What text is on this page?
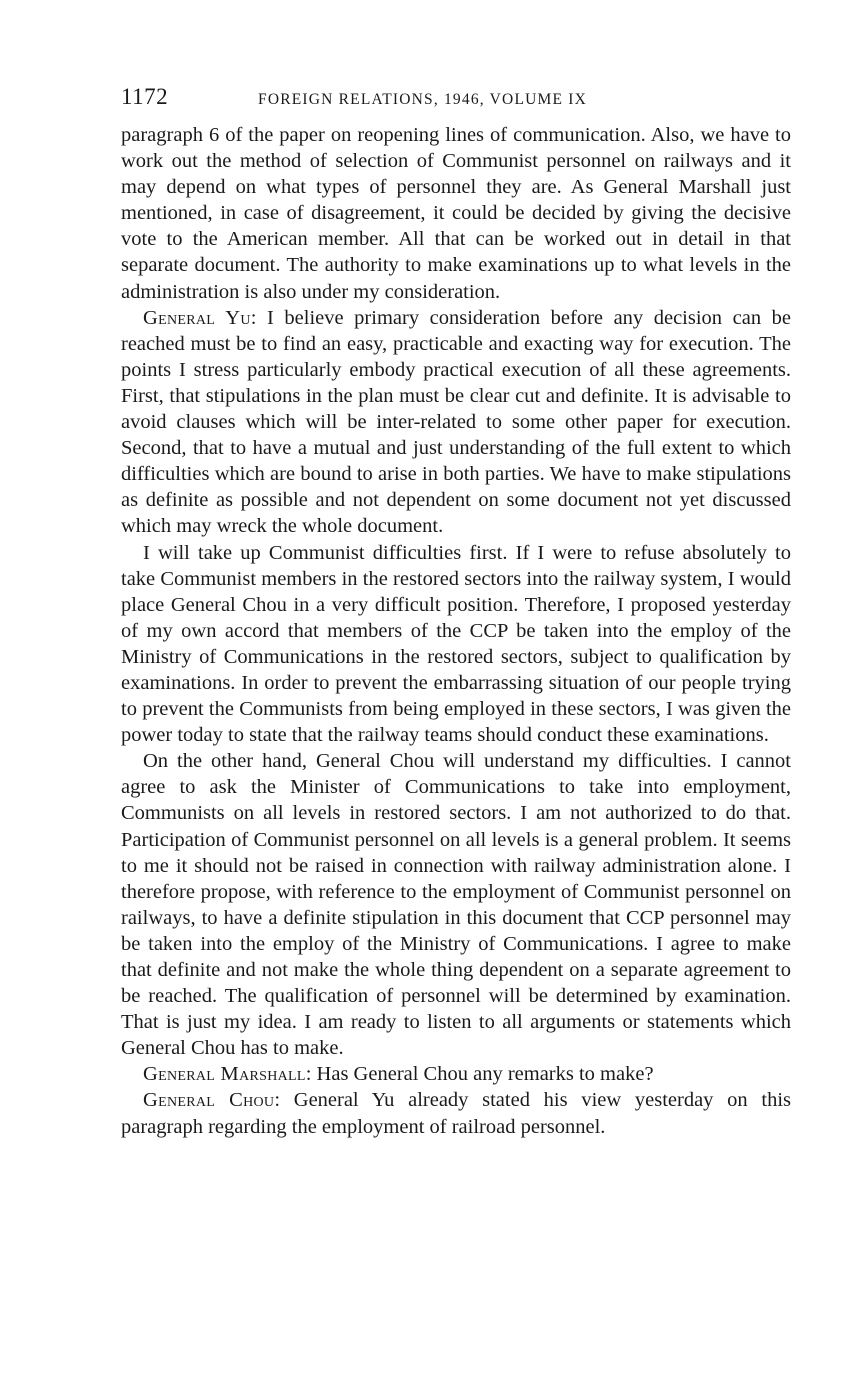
1172	FOREIGN RELATIONS, 1946, VOLUME IX

paragraph 6 of the paper on reopening lines of communication. Also, we have to work out the method of selection of Communist personnel on railways and it may depend on what types of personnel they are. As General Marshall just mentioned, in case of disagreement, it could be decided by giving the decisive vote to the American member. All that can be worked out in detail in that separate document. The authority to make examinations up to what levels in the administration is also under my consideration.

General Yu: I believe primary consideration before any decision can be reached must be to find an easy, practicable and exacting way for execution. The points I stress particularly embody practical execution of all these agreements. First, that stipulations in the plan must be clear cut and definite. It is advisable to avoid clauses which will be inter-related to some other paper for execution. Second, that to have a mutual and just understanding of the full extent to which difficulties which are bound to arise in both parties. We have to make stipulations as definite as possible and not dependent on some document not yet discussed which may wreck the whole document.

I will take up Communist difficulties first. If I were to refuse absolutely to take Communist members in the restored sectors into the railway system, I would place General Chou in a very difficult position. Therefore, I proposed yesterday of my own accord that members of the CCP be taken into the employ of the Ministry of Communications in the restored sectors, subject to qualification by examinations. In order to prevent the embarrassing situation of our people trying to prevent the Communists from being employed in these sectors, I was given the power today to state that the railway teams should conduct these examinations.

On the other hand, General Chou will understand my difficulties. I cannot agree to ask the Minister of Communications to take into employment, Communists on all levels in restored sectors. I am not authorized to do that. Participation of Communist personnel on all levels is a general problem. It seems to me it should not be raised in connection with railway administration alone. I therefore propose, with reference to the employment of Communist personnel on railways, to have a definite stipulation in this document that CCP personnel may be taken into the employ of the Ministry of Communications. I agree to make that definite and not make the whole thing dependent on a separate agreement to be reached. The qualification of personnel will be determined by examination. That is just my idea. I am ready to listen to all arguments or statements which General Chou has to make.

General Marshall: Has General Chou any remarks to make?

General Chou: General Yu already stated his view yesterday on this paragraph regarding the employment of railroad personnel.
